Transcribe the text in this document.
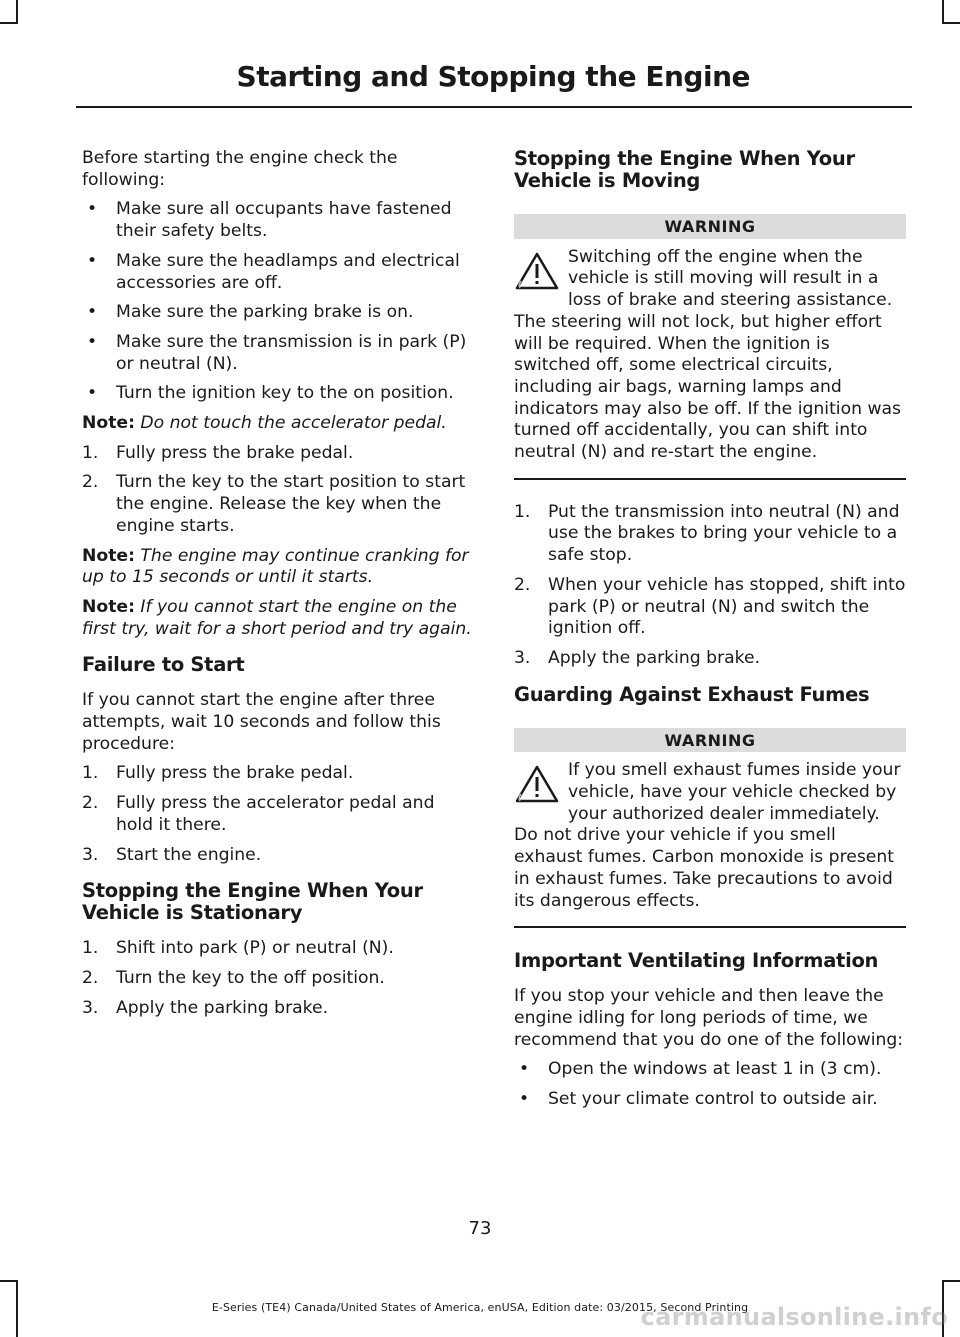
Starting and Stopping the Engine

Before starting the engine check the following:

• Make sure all occupants have fastened their safety belts.
• Make sure the headlamps and electrical accessories are off.
• Make sure the parking brake is on.
• Make sure the transmission is in park (P) or neutral (N).
• Turn the ignition key to the on position.

Note: Do not touch the accelerator pedal.

1. Fully press the brake pedal.
2. Turn the key to the start position to start the engine. Release the key when the engine starts.

Note: The engine may continue cranking for up to 15 seconds or until it starts.

Note: If you cannot start the engine on the first try, wait for a short period and try again.

Failure to Start

If you cannot start the engine after three attempts, wait 10 seconds and follow this procedure:

1. Fully press the brake pedal.
2. Fully press the accelerator pedal and hold it there.
3. Start the engine.
Stopping the Engine When Your Vehicle is Stationary
1. Shift into park (P) or neutral (N).
2. Turn the key to the off position.
3. Apply the parking brake.
Stopping the Engine When Your Vehicle is Moving
WARNING

Switching off the engine when the vehicle is still moving will result in a loss of brake and steering assistance. The steering will not lock, but higher effort will be required. When the ignition is switched off, some electrical circuits, including air bags, warning lamps and indicators may also be off. If the ignition was turned off accidentally, you can shift into neutral (N) and re-start the engine.

1. Put the transmission into neutral (N) and use the brakes to bring your vehicle to a safe stop.
2. When your vehicle has stopped, shift into park (P) or neutral (N) and switch the ignition off.
3. Apply the parking brake.
Guarding Against Exhaust Fumes
WARNING

If you smell exhaust fumes inside your vehicle, have your vehicle checked by your authorized dealer immediately. Do not drive your vehicle if you smell exhaust fumes. Carbon monoxide is present in exhaust fumes. Take precautions to avoid its dangerous effects.

Important Ventilating Information

If you stop your vehicle and then leave the engine idling for long periods of time, we recommend that you do one of the following:

• Open the windows at least 1 in (3 cm).
• Set your climate control to outside air.
73
E-Series (TE4) Canada/United States of America, enUSA, Edition date: 03/2015, Second Printing
carmanualsonline.info
